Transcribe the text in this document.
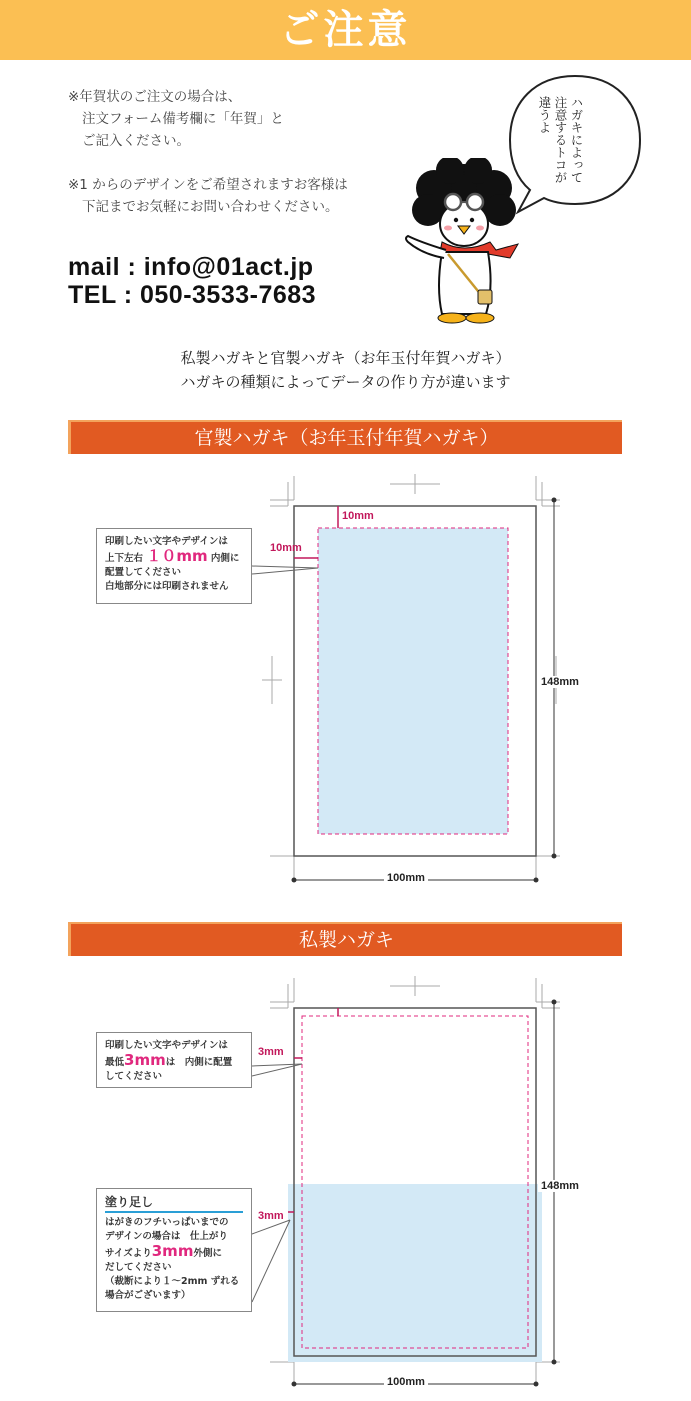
ご注意
※年賀状のご注文の場合は、
注文フォーム備考欄に「年賀」と
ご記入ください。
※1 からのデザインをご希望されますお客様は
下記までお気軽にお問い合わせください。
mail : info@01act.jp
TEL : 050-3533-7683
ハガキによって
注意するトコが
違うよ
私製ハガキと官製ハガキ（お年玉付年賀ハガキ）
ハガキの種類によってデータの作り方が違います
官製ハガキ（お年玉付年賀ハガキ）
10mm
10mm
148mm
100mm
印刷したい文字やデザインは
上下左右 １０mm 内側に
配置してください
白地部分には印刷されません
私製ハガキ
3mm
3mm
148mm
100mm
印刷したい文字やデザインは
最低3mmは　内側に配置
してください
塗り足し
はがきのフチいっぱいまでの
デザインの場合は　仕上がり
サイズより3mm外側に
だしてください
（裁断により１～2mm ずれる
場合がございます）
